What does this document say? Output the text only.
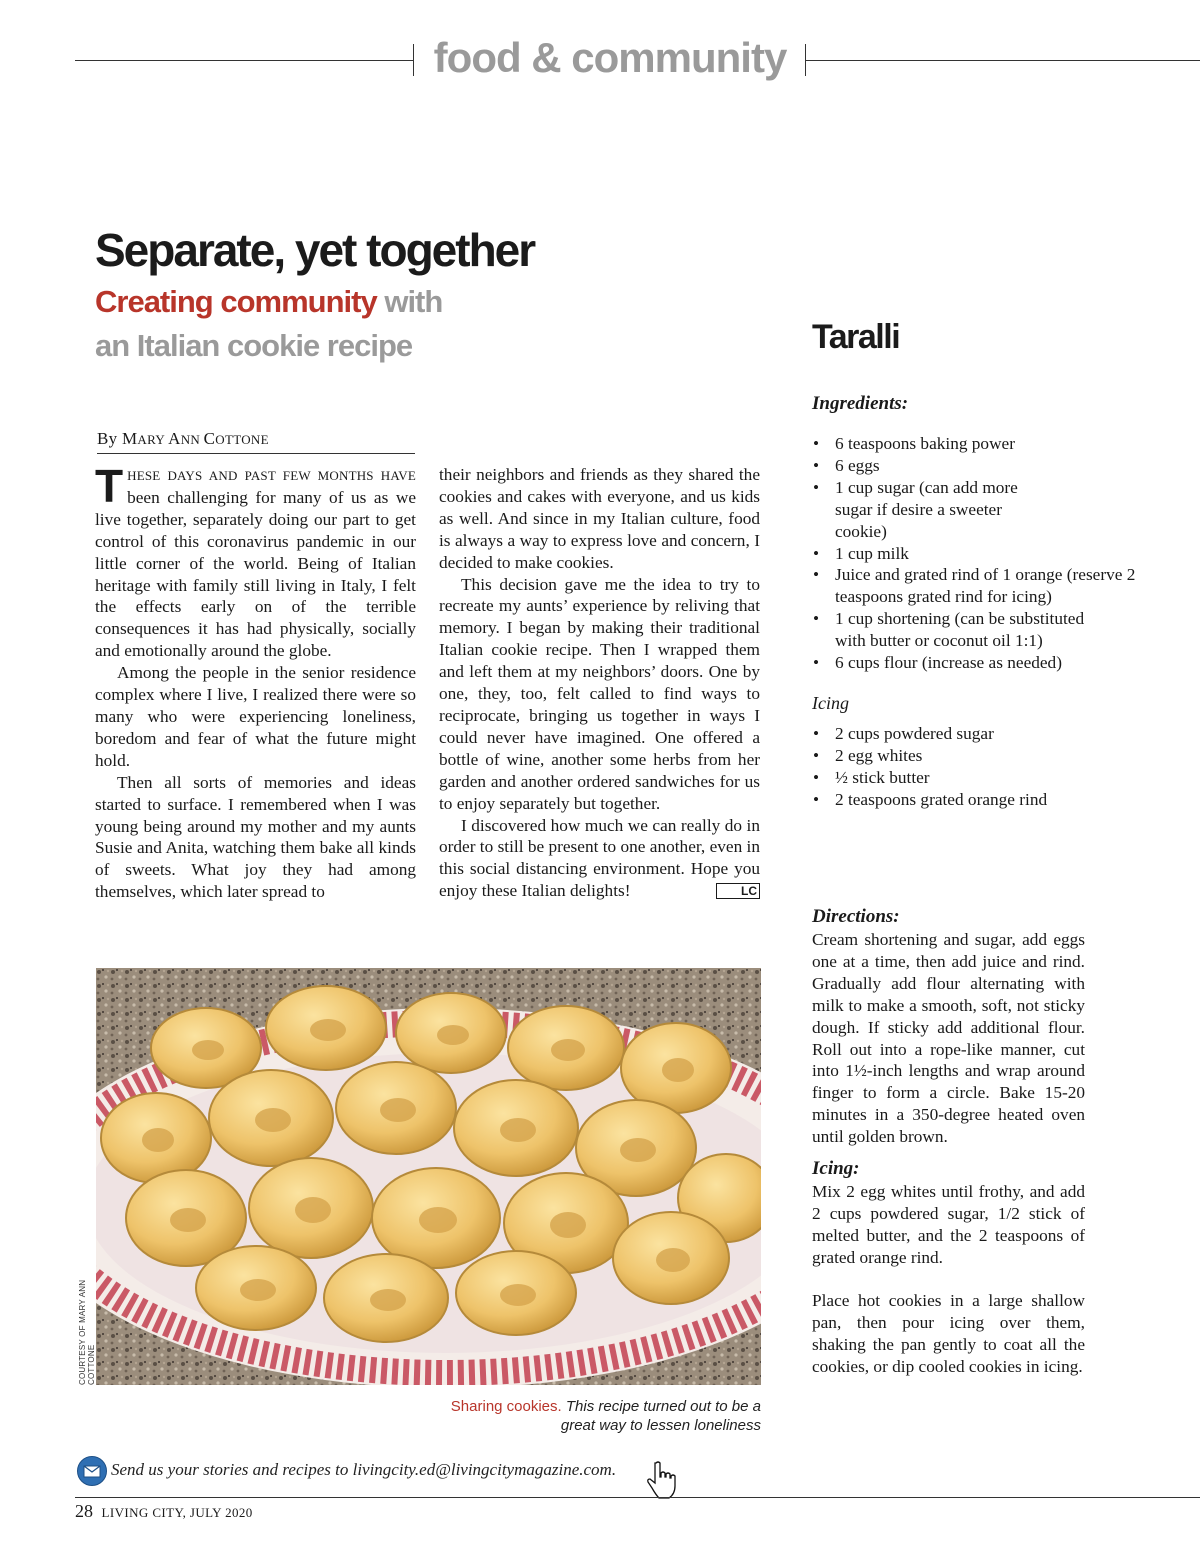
food & community
Separate, yet together
Creating community with
an Italian cookie recipe
By MARY ANN COTTONE

THESE DAYS AND PAST FEW MONTHS HAVE been challenging for many of us as we live together, separately doing our part to get control of this coronavirus pandemic in our little corner of the world. Being of Italian heritage with family still living in Italy, I felt the effects early on of the terrible consequences it has had physically, socially and emotionally around the globe.

Among the people in the senior residence complex where I live, I realized there were so many who were experiencing loneliness, boredom and fear of what the future might hold.

Then all sorts of memories and ideas started to surface. I remembered when I was young being around my mother and my aunts Susie and Anita, watching them bake all kinds of sweets. What joy they had among themselves, which later spread to

their neighbors and friends as they shared the cookies and cakes with everyone, and us kids as well. And since in my Italian culture, food is always a way to express love and concern, I decided to make cookies.

This decision gave me the idea to try to recreate my aunts’ experience by reliving that memory. I began by making their traditional Italian cookie recipe. Then I wrapped them and left them at my neighbors’ doors. One by one, they, too, felt called to find ways to reciprocate, bringing us together in ways I could never have imagined. One offered a bottle of wine, another some herbs from her garden and another ordered sandwiches for us to enjoy separately but together.

I discovered how much we can really do in order to still be present to one another, even in this social distancing environment. Hope you enjoy these Italian delights!	LC

COURTESY OF MARY ANN COTTONE
Sharing cookies. This recipe turned out to be a great way to lessen loneliness
Taralli
Ingredients:
• 6 teaspoons baking power
• 6 eggs
• 1 cup sugar (can add more sugar if desire a sweeter cookie)
• 1 cup milk
• Juice and grated rind of 1 orange (reserve 2 teaspoons grated rind for icing)
• 1 cup shortening (can be substituted with butter or coconut oil 1:1)
• 6 cups flour (increase as needed)
Icing
• 2 cups powdered sugar
• 2 egg whites
• ½ stick butter
• 2 teaspoons grated orange rind
Directions:

Cream shortening and sugar, add eggs one at a time, then add juice and rind. Gradually add flour alternating with milk to make a smooth, soft, not sticky dough. If sticky add additional flour. Roll out into a rope-like manner, cut into 1½-inch lengths and wrap around finger to form a circle. Bake 15-20 minutes in a 350-degree heated oven until golden brown.

Icing:

Mix 2 egg whites until frothy, and add 2 cups powdered sugar, 1/2 stick of melted butter, and the 2 teaspoons of grated orange rind.

Place hot cookies in a large shallow pan, then pour icing over them, shaking the pan gently to coat all the cookies, or dip cooled cookies in icing.

Send us your stories and recipes to livingcity.ed@livingcitymagazine.com.
28 LIVING CITY, JULY 2020
